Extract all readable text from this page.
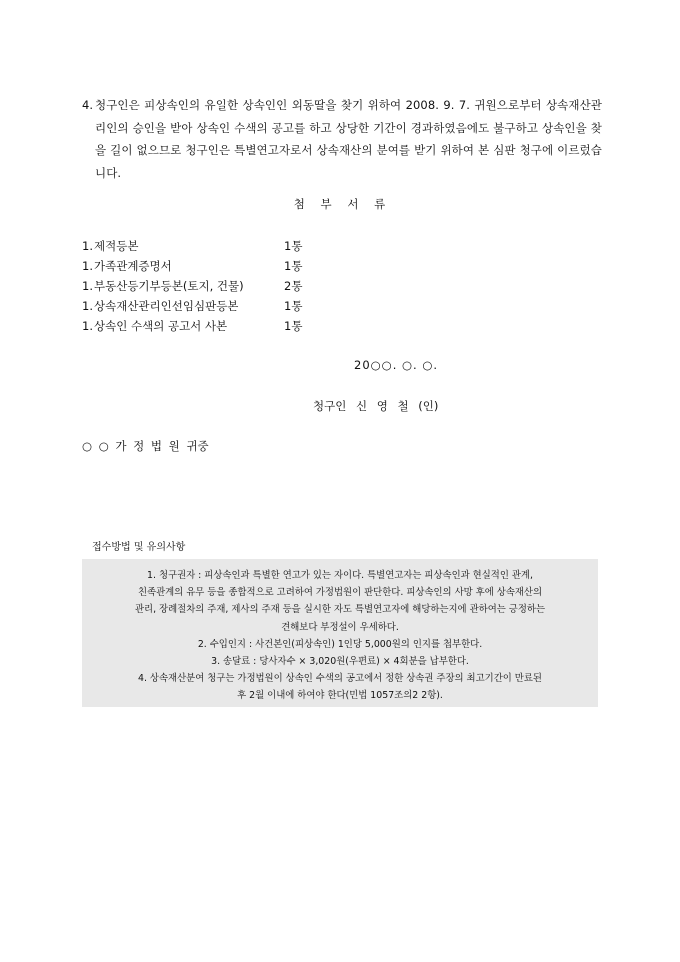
4. 청구인은 피상속인의 유일한 상속인인 외동딸을 찾기 위하여 2008. 9. 7. 귀원으로부터 상속재산관리인의 승인을 받아 상속인 수색의 공고를 하고 상당한 기간이 경과하였음에도 불구하고 상속인을 찾을 길이 없으므로 청구인은 특별연고자로서 상속재산의 분여를 받기 위하여 본 심판 청구에 이르렀습니다.
첨 부 서 류
1. 제적등본	1통
1. 가족관계증명서	1통
1. 부동산등기부등본(토지, 건물)	2통
1. 상속재산관리인선임심판등본	1통
1. 상속인 수색의 공고서 사본	1통
20○○. ○. ○.
청구인 신 영 철 (인)
○ ○ 가 정 법 원 귀중
접수방법 및 유의사항
1. 청구권자 : 피상속인과 특별한 연고가 있는 자이다. 특별연고자는 피상속인과 현실적인 관계,
친족관계의 유무 등을 종합적으로 고려하여 가정법원이 판단한다. 피상속인의 사망 후에 상속재산의
관리, 장례절차의 주재, 제사의 주재 등을 실시한 자도 특별연고자에 해당하는지에 관하여는 긍정하는
견해보다 부정설이 우세하다.
2. 수입인지 : 사건본인(피상속인) 1인당 5,000원의 인지를 첩부한다.
3. 송달료 : 당사자수 × 3,020원(우편료) × 4회분을 납부한다.
4. 상속재산분여 청구는 가정법원이 상속인 수색의 공고에서 정한 상속권 주장의 최고기간이 만료된
후 2월 이내에 하여야 한다(민법 1057조의2 2항).
